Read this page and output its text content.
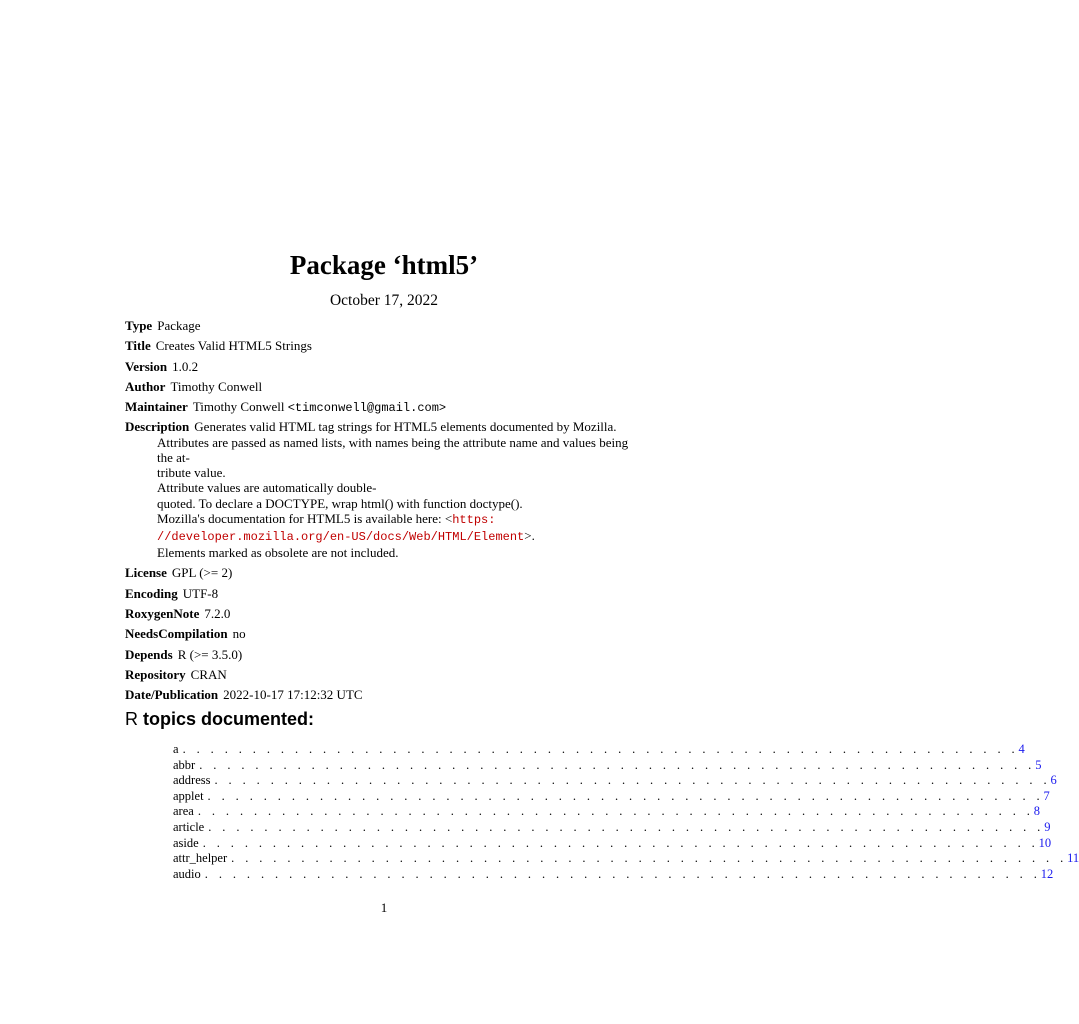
Package ‘html5’
October 17, 2022
Type Package
Title Creates Valid HTML5 Strings
Version 1.0.2
Author Timothy Conwell
Maintainer Timothy Conwell <timconwell@gmail.com>
Description Generates valid HTML tag strings for HTML5 elements documented by Mozilla.
Attributes are passed as named lists, with names being the attribute name and values being the at-
tribute value.
Attribute values are automatically double-
quoted. To declare a DOCTYPE, wrap html() with function doctype().
Mozilla's documentation for HTML5 is available here: <https:
//developer.mozilla.org/en-US/docs/Web/HTML/Element>.
Elements marked as obsolete are not included.
License GPL (>= 2)
Encoding UTF-8
RoxygenNote 7.2.0
NeedsCompilation no
Depends R (>= 3.5.0)
Repository CRAN
Date/Publication 2022-10-17 17:12:32 UTC
R topics documented:
a . . . . . . . . . . . . . . . . . . . . . . . . . . . . . . . . . . . . . . . . . . . . . . . . . . . . . . . . . . . . 4
abbr . . . . . . . . . . . . . . . . . . . . . . . . . . . . . . . . . . . . . . . . . . . . . . . . . . . . . . . . . . . . 5
address . . . . . . . . . . . . . . . . . . . . . . . . . . . . . . . . . . . . . . . . . . . . . . . . . . . . . . . . . . . . 6
applet . . . . . . . . . . . . . . . . . . . . . . . . . . . . . . . . . . . . . . . . . . . . . . . . . . . . . . . . . . . . 7
area . . . . . . . . . . . . . . . . . . . . . . . . . . . . . . . . . . . . . . . . . . . . . . . . . . . . . . . . . . . . 8
article . . . . . . . . . . . . . . . . . . . . . . . . . . . . . . . . . . . . . . . . . . . . . . . . . . . . . . . . . . . . 9
aside . . . . . . . . . . . . . . . . . . . . . . . . . . . . . . . . . . . . . . . . . . . . . . . . . . . . . . . . . . . . 10
attr_helper . . . . . . . . . . . . . . . . . . . . . . . . . . . . . . . . . . . . . . . . . . . . . . . . . . . . . . . . . . . . 11
audio . . . . . . . . . . . . . . . . . . . . . . . . . . . . . . . . . . . . . . . . . . . . . . . . . . . . . . . . . . . . 12
1
